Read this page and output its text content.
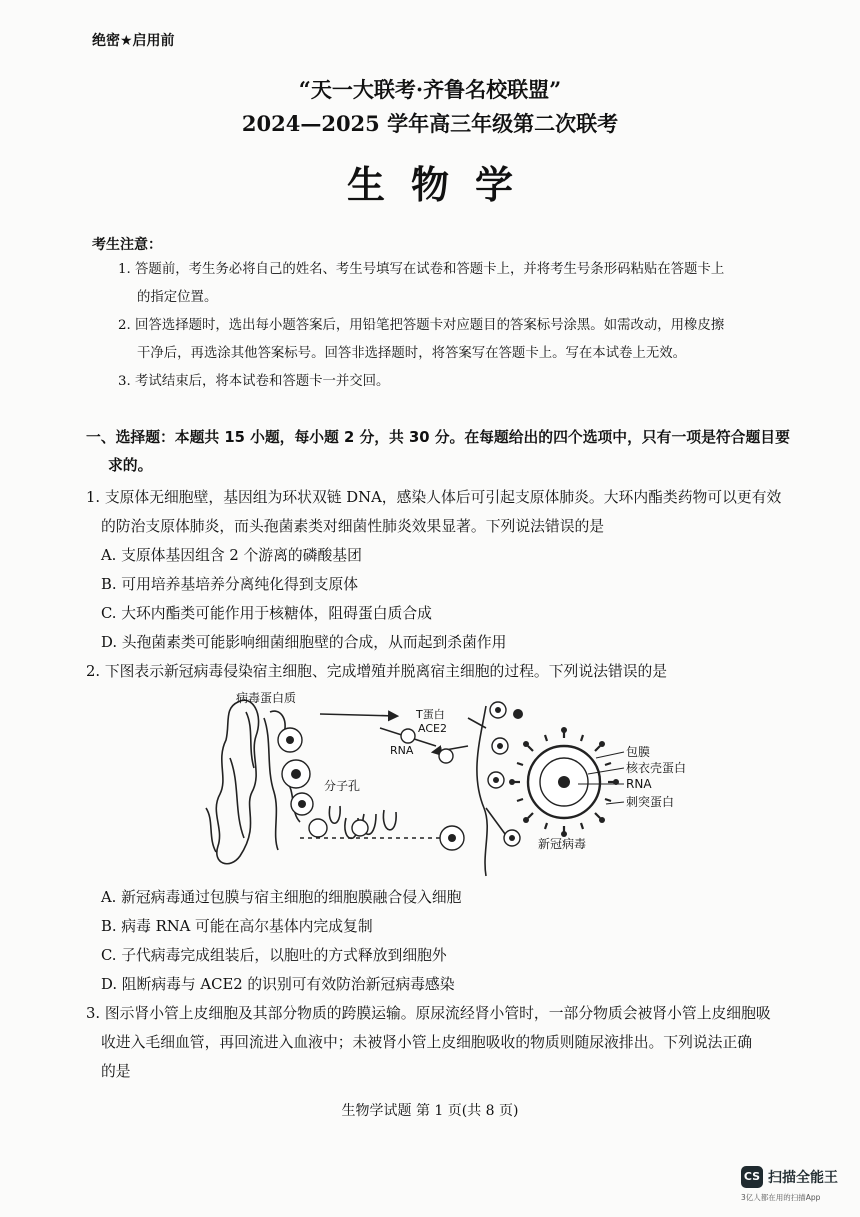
绝密★启用前
“天一大联考·齐鲁名校联盟”
2024—2025 学年高三年级第二次联考
生物学
考生注意：
1. 答题前，考生务必将自己的姓名、考生号填写在试卷和答题卡上，并将考生号条形码粘贴在答题卡上
的指定位置。
2. 回答选择题时，选出每小题答案后，用铅笔把答题卡对应题目的答案标号涂黑。如需改动，用橡皮擦
干净后，再选涂其他答案标号。回答非选择题时，将答案写在答题卡上。写在本试卷上无效。
3. 考试结束后，将本试卷和答题卡一并交回。
一、选择题：本题共 15 小题，每小题 2 分，共 30 分。在每题给出的四个选项中，只有一项是符合题目要
求的。
1. 支原体无细胞壁，基因组为环状双链 DNA，感染人体后可引起支原体肺炎。大环内酯类药物可以更有效
的防治支原体肺炎，而头孢菌素类对细菌性肺炎效果显著。下列说法错误的是
A. 支原体基因组含 2 个游离的磷酸基团
B. 可用培养基培养分离纯化得到支原体
C. 大环内酯类可能作用于核糖体，阻碍蛋白质合成
D. 头孢菌素类可能影响细菌细胞壁的合成，从而起到杀菌作用
2. 下图表示新冠病毒侵染宿主细胞、完成增殖并脱离宿主细胞的过程。下列说法错误的是
病毒蛋白质
T蛋白
ACE2
RNA
分子孔
包膜
核衣壳蛋白
RNA
刺突蛋白
新冠病毒
A. 新冠病毒通过包膜与宿主细胞的细胞膜融合侵入细胞
B. 病毒 RNA 可能在高尔基体内完成复制
C. 子代病毒完成组装后，以胞吐的方式释放到细胞外
D. 阻断病毒与 ACE2 的识别可有效防治新冠病毒感染
3. 图示肾小管上皮细胞及其部分物质的跨膜运输。原尿流经肾小管时，一部分物质会被肾小管上皮细胞吸
收进入毛细血管，再回流进入血液中；未被肾小管上皮细胞吸收的物质则随尿液排出。下列说法正确
的是
生物学试题 第 1 页(共 8 页)
CS 扫描全能王
3亿人都在用的扫描App
